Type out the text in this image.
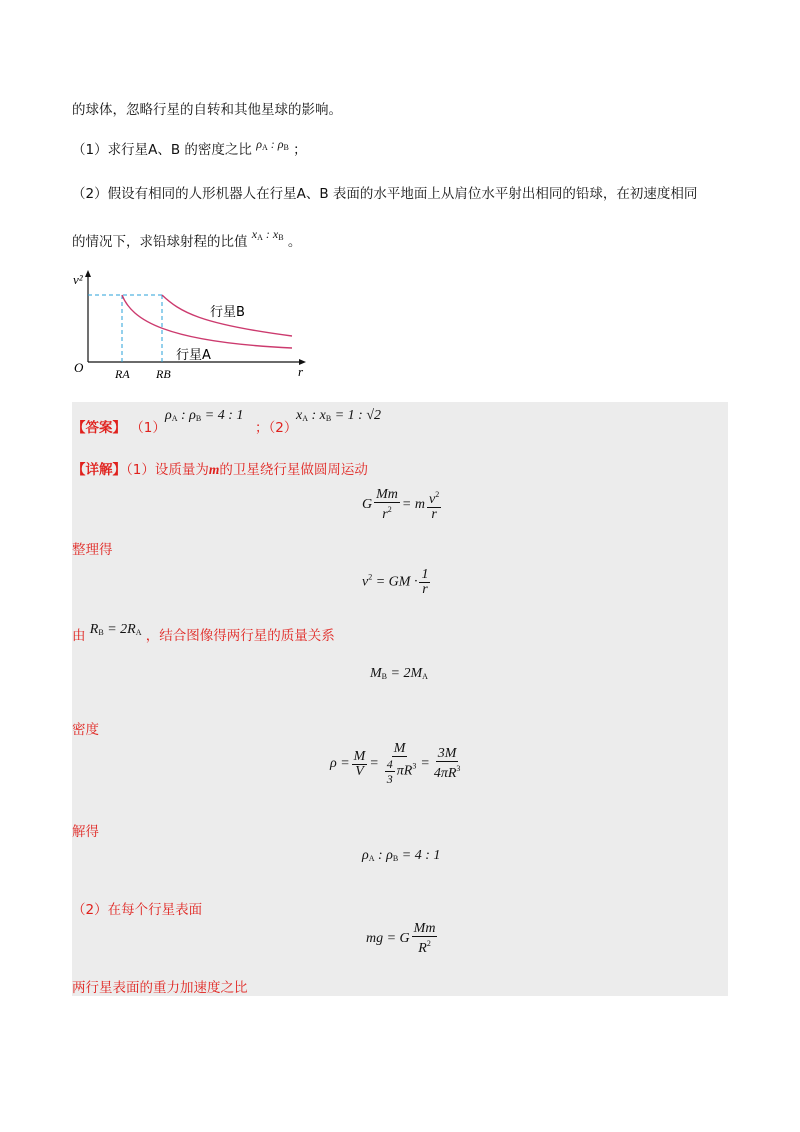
的球体，忽略行星的自转和其他星球的影响。
（1）求行星A、B 的密度之比 $\rho_A$ : $\rho_B$ ；
（2）假设有相同的人形机器人在行星A、B 表面的水平地面上从肩位水平射出相同的铅球，在初速度相同
的情况下，求铅球射程的比值 $x_A$ : $x_B$ 。
v²
O	r
RA RB
行星B
行星A
【答案】 （1）
$\rho_A$ : $\rho_B = 4$ : 1
；（2）
$x_A$ : $x_B = 1$ : √2
【详解】（1）设质量为m的卫星绕行星做圆周运动
G $\frac{Mm}{r^2} = m \frac{v^2}{r}$
整理得
$v^2$ = GM · $\frac{1}{r}$
由 $R_B = 2R_A$ ，结合图像得两行星的质量关系
$M_B = 2M_A$
密度
$\rho = \frac{M}{V} = \frac{M}{\frac{4}{3} \pi R^3} = \frac{3M}{4\pi R^3}$
解得
$\rho_A$ : $\rho_B = 4$ : 1
（2）在每个行星表面
mg = G $\frac{Mm}{R^2}$
两行星表面的重力加速度之比
